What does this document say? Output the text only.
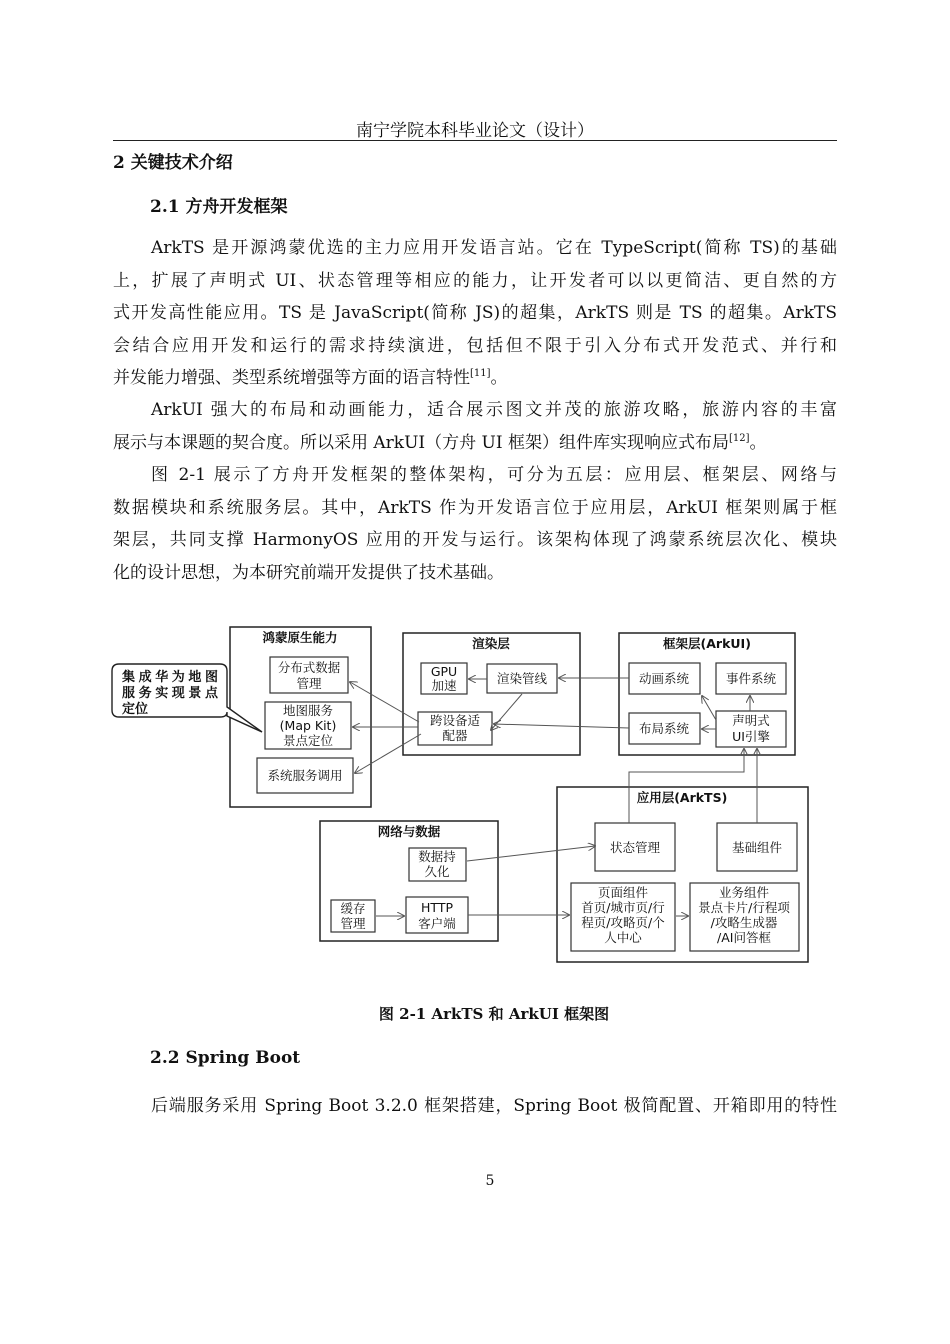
南宁学院本科毕业论文（设计）
2 关键技术介绍
2.1 方舟开发框架
ArkTS 是开源鸿蒙优选的主力应用开发语言站。它在 TypeScript(简称 TS)的基础
上，扩展了声明式 UI、状态管理等相应的能力，让开发者可以以更简洁、更自然的方
式开发高性能应用。TS 是 JavaScript(简称 JS)的超集，ArkTS 则是 TS 的超集。ArkTS
会结合应用开发和运行的需求持续演进，包括但不限于引入分布式开发范式、并行和
并发能力增强、类型系统增强等方面的语言特性[11]。
ArkUI 强大的布局和动画能力，适合展示图文并茂的旅游攻略，旅游内容的丰富
展示与本课题的契合度。所以采用 ArkUI（方舟 UI 框架）组件库实现响应式布局[12]。
图 2-1 展示了方舟开发框架的整体架构，可分为五层：应用层、框架层、网络与
数据模块和系统服务层。其中，ArkTS 作为开发语言位于应用层，ArkUI 框架则属于框
架层，共同支撑 HarmonyOS 应用的开发与运行。该架构体现了鸿蒙系统层次化、模块
化的设计思想，为本研究前端开发提供了技术基础。
鸿蒙原生能力
分布式数据
管理
地图服务
(Map Kit)
景点定位
系统服务调用
渲染层
GPU
加速	渲染管线
跨设备适
配器
框架层(ArkUI)
动画系统	事件系统
布局系统
声明式
UI引擎
网络与数据
数据持
久化
缓存
管理
HTTP
客户端
应用层(ArkTS)
状态管理	基础组件
页面组件
首页/城市页/行
程页/攻略页/个
人中心
业务组件
景点卡片/行程项
/攻略生成器
/AI问答框
集成华为地图
服务实现景点
定位
图 2-1 ArkTS 和 ArkUI 框架图
2.2 Spring Boot
后端服务采用 Spring Boot 3.2.0 框架搭建，Spring Boot 极简配置、开箱即用的特性
5
